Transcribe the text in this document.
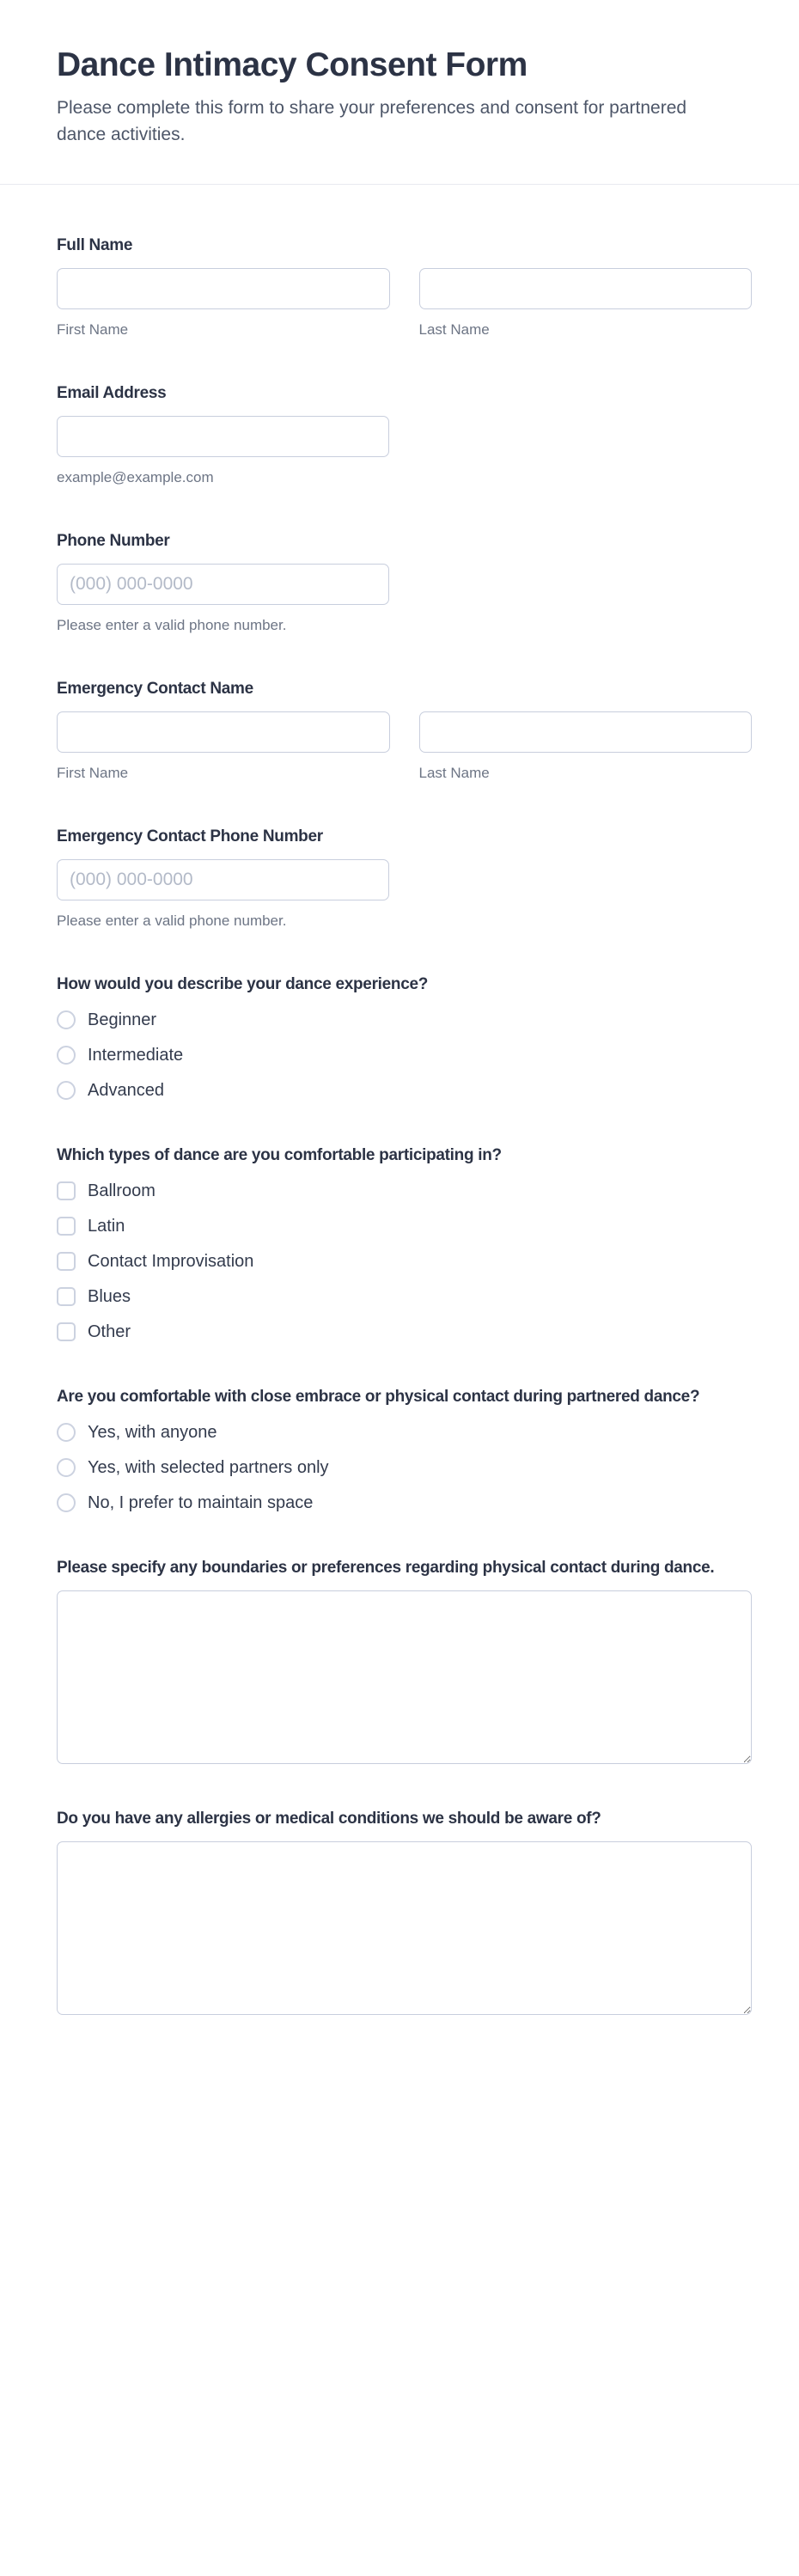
Dance Intimacy Consent Form

Please complete this form to share your preferences and consent for partnered dance activities.

Full Name
First Name	Last Name
Email Address
example@example.com
Phone Number
(000) 000-0000
Please enter a valid phone number.
Emergency Contact Name
First Name	Last Name
Emergency Contact Phone Number
(000) 000-0000
Please enter a valid phone number.
How would you describe your dance experience?
Beginner
Intermediate
Advanced
Which types of dance are you comfortable participating in?
Ballroom
Latin
Contact Improvisation
Blues
Other
Are you comfortable with close embrace or physical contact during partnered dance?
Yes, with anyone
Yes, with selected partners only
No, I prefer to maintain space
Please specify any boundaries or preferences regarding physical contact during dance.
Do you have any allergies or medical conditions we should be aware of?
